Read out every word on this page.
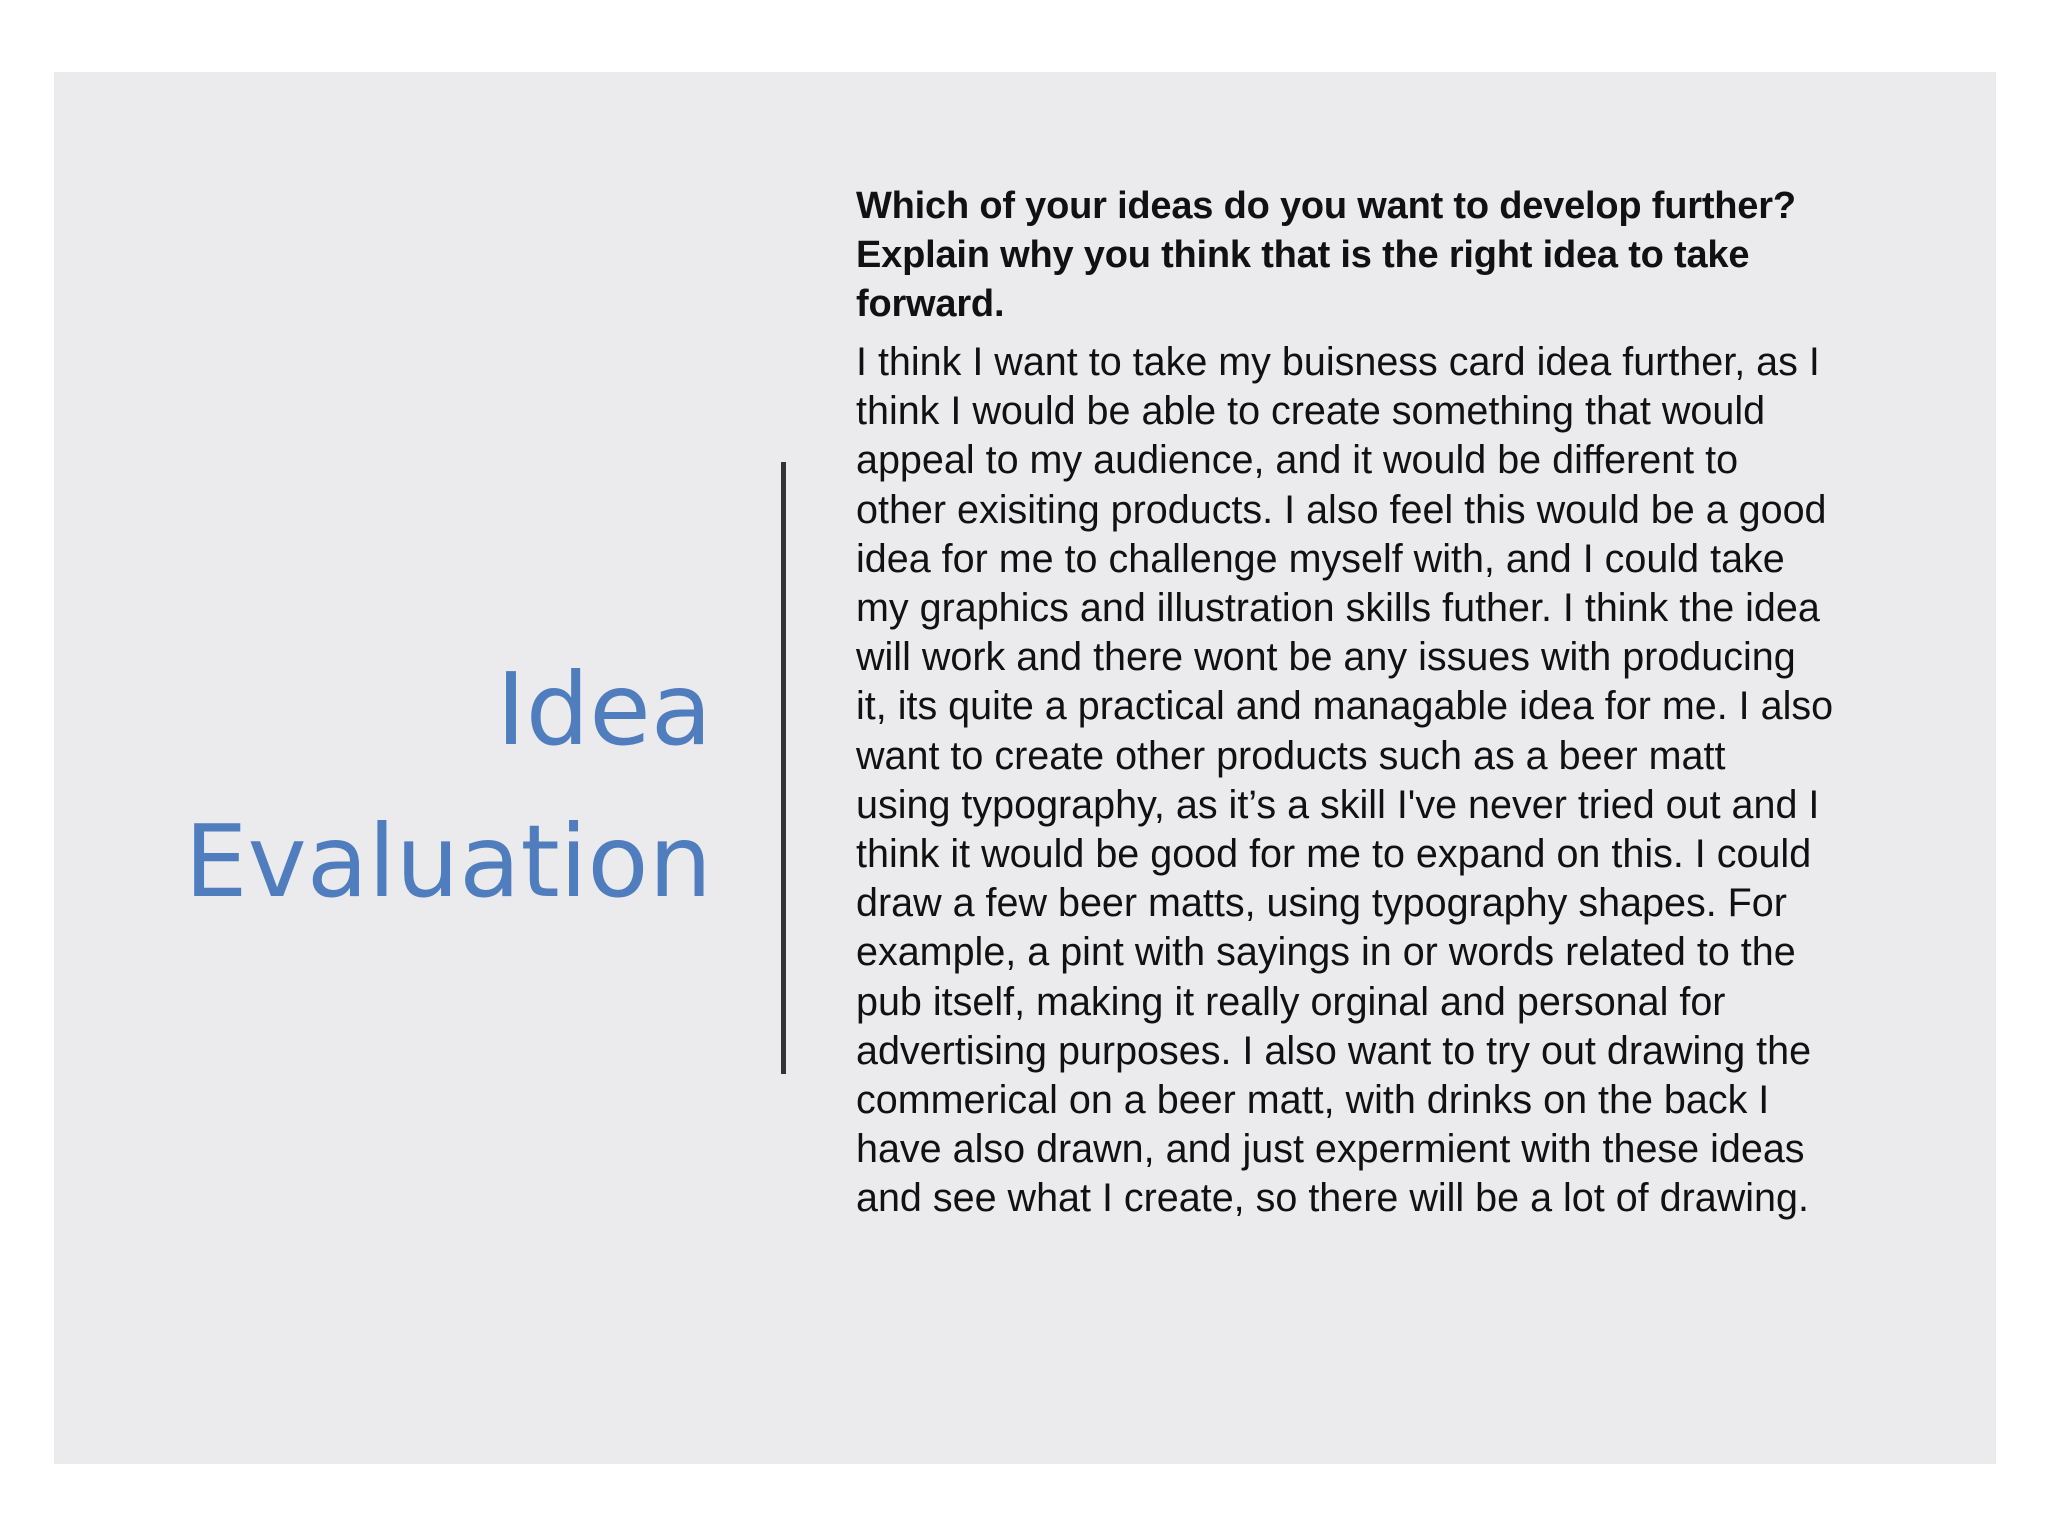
Idea
Evaluation

Which of your ideas do you want to develop further?
Explain why you think that is the right idea to take
forward.

I think I want to take my buisness card idea further, as I
think I would be able to create something that would
appeal to my audience, and it would be different to
other exisiting products. I also feel this would be a good
idea for me to challenge myself with, and I could take
my graphics and illustration skills futher. I think the idea
will work and there wont be any issues with producing
it, its quite a practical and managable idea for me. I also
want to create other products such as a beer matt
using typography, as it’s a skill I've never tried out and I
think it would be good for me to expand on this. I could
draw a few beer matts, using typography shapes. For
example, a pint with sayings in or words related to the
pub itself, making it really orginal and personal for
advertising purposes. I also want to try out drawing the
commerical on a beer matt, with drinks on the back I
have also drawn, and just expermient with these ideas
and see what I create, so there will be a lot of drawing.
